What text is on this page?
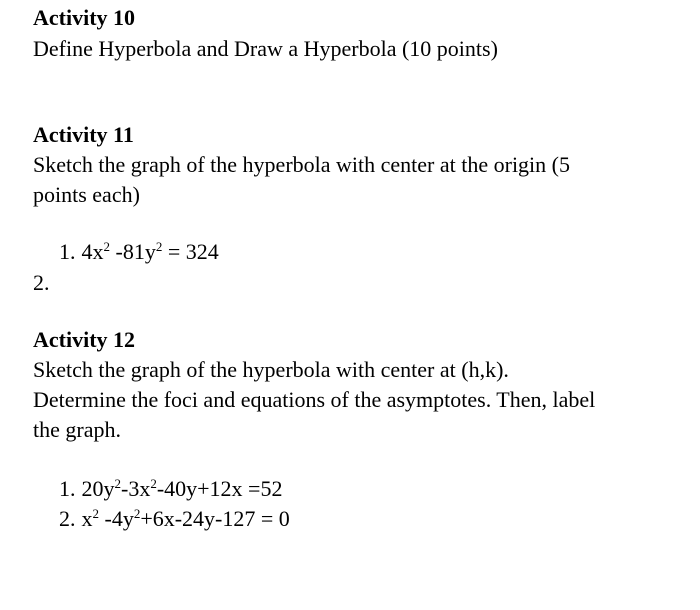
Activity 10
Define Hyperbola and Draw a Hyperbola (10 points)
Activity 11
Sketch the graph of the hyperbola with center at the origin (5
points each)
1. $4x^2$ $-81y^2 = 324$
2.
Activity 12
Sketch the graph of the hyperbola with center at (h,k).
Determine the foci and equations of the asymptotes. Then, label
the graph.
1. $20y^2-3x^2-40y+12x =52$
2. $x^2$ $-4y^2+6x-24y-127 = 0$
